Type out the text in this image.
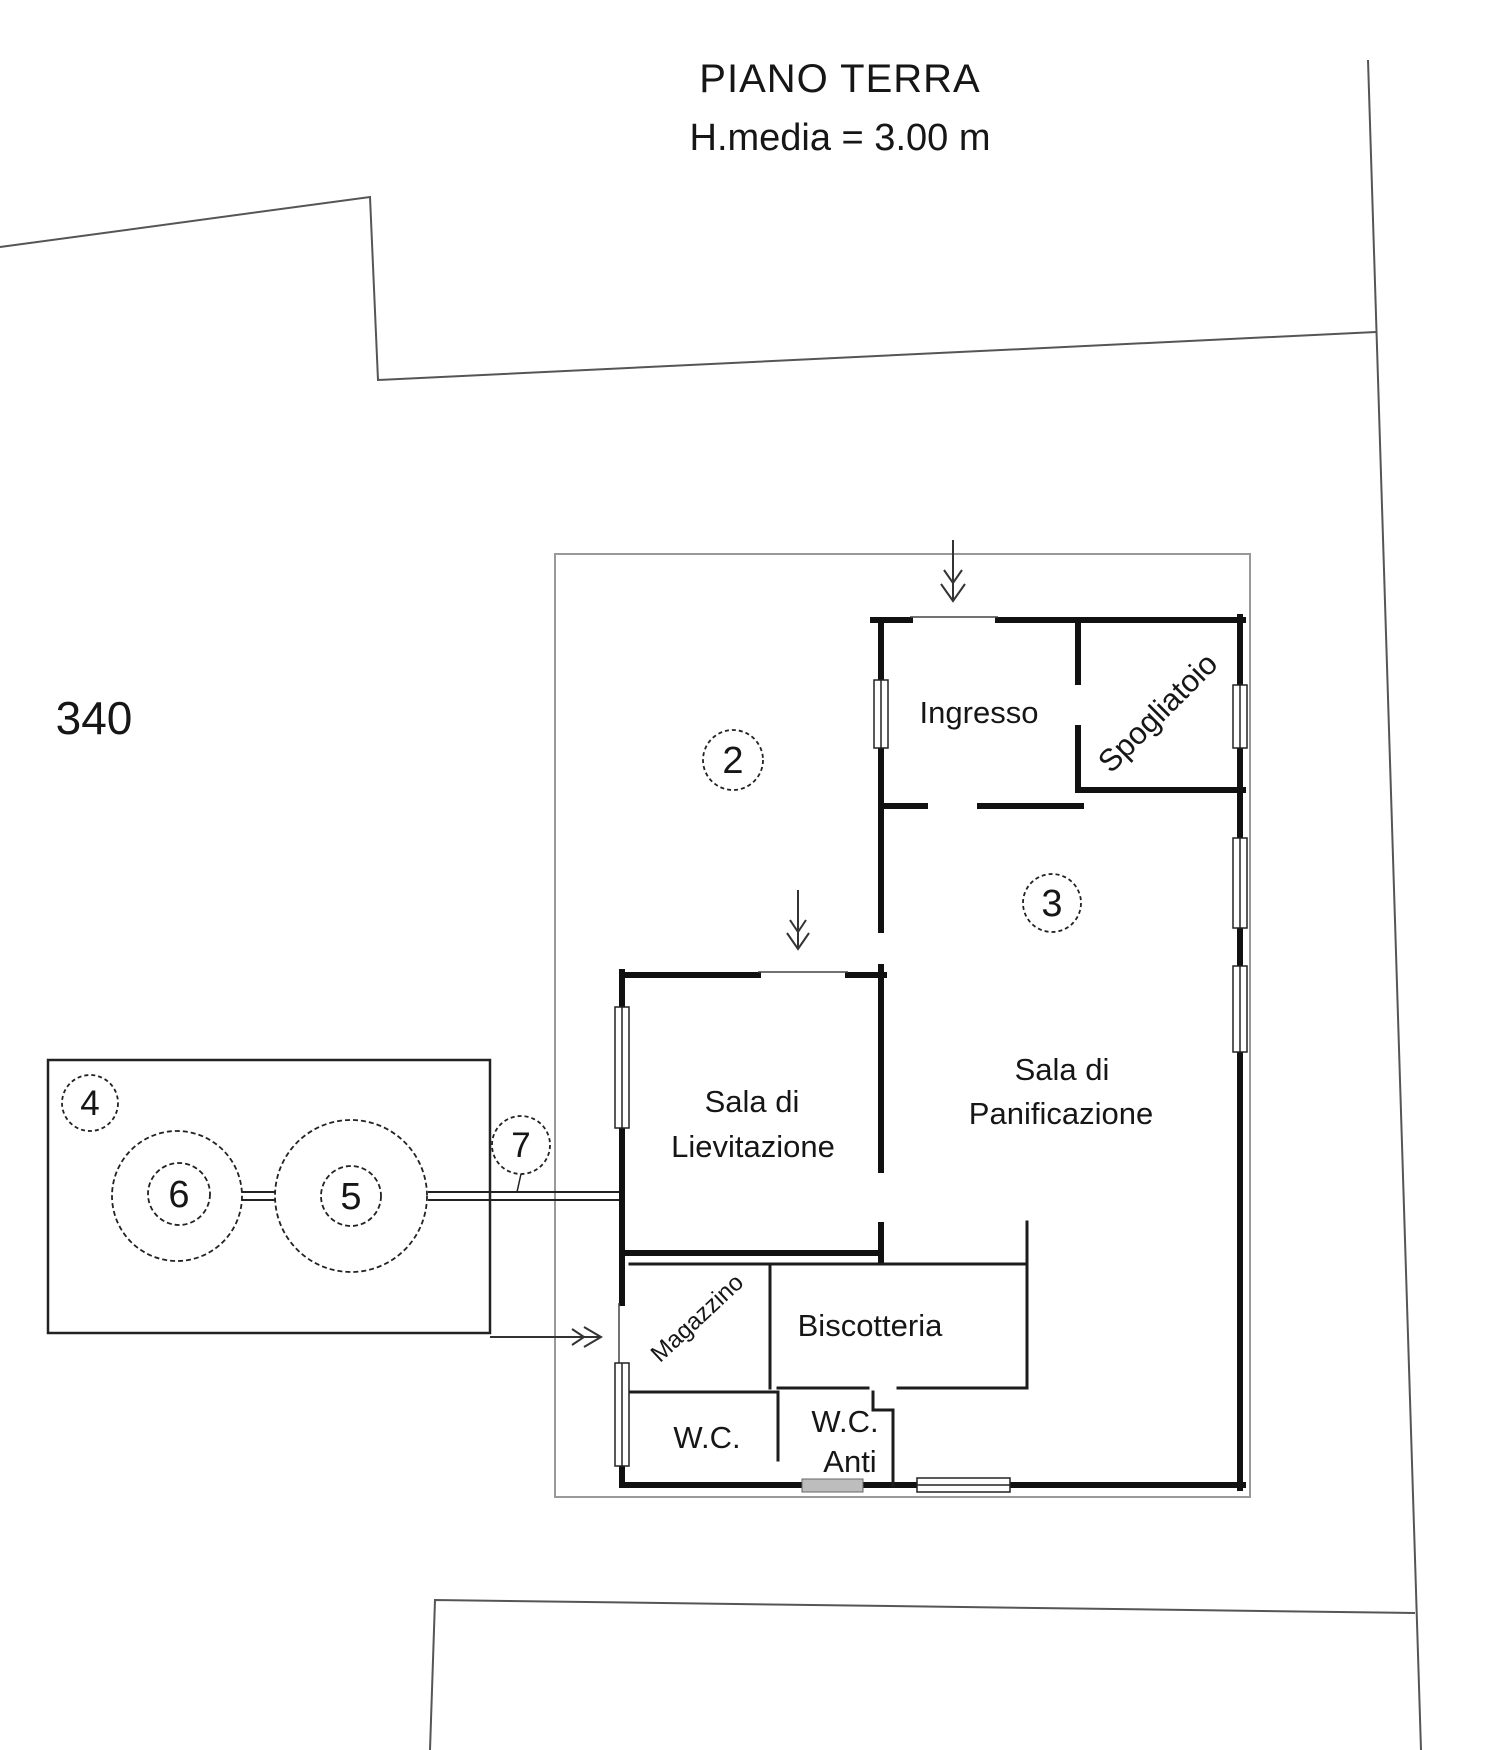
PIANO TERRA
H.media = 3.00 m
340	Ingresso Spogliatoio
Sala di
Panificazione
Sala di
Lievitazione
Magazzino Biscotteria
W.C. W.C.
Anti
2
3
4
5
6
7
